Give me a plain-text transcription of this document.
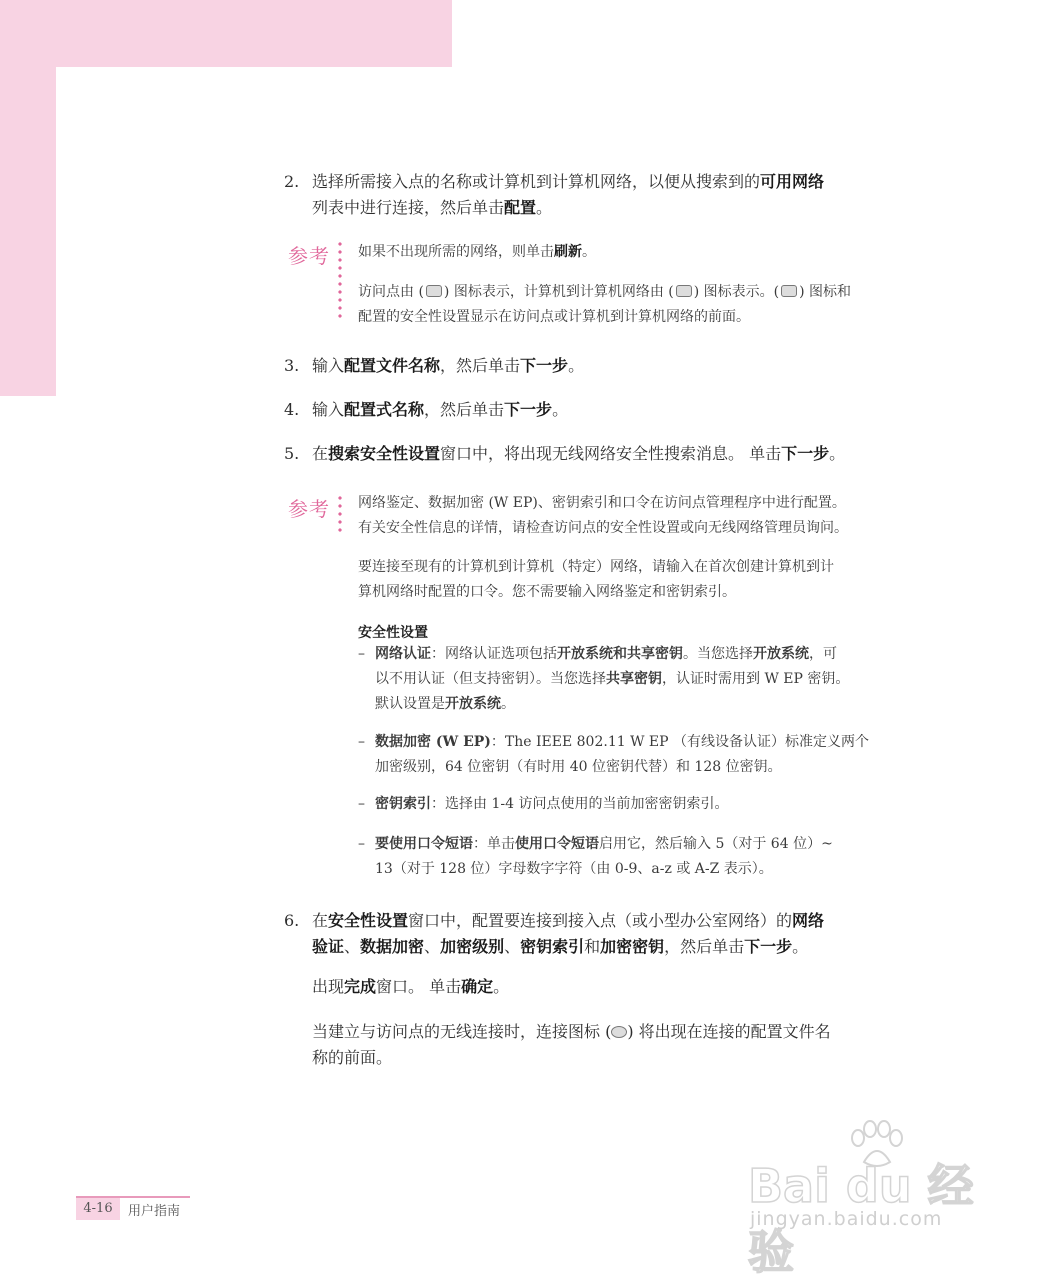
2. 选择所需接入点的名称或计算机到计算机网络，以便从搜索到的可用网络
列表中进行连接，然后单击配置。
参考 如果不出现所需的网络，则单击刷新。
访问点由 ( ) 图标表示，计算机到计算机网络由 ( ) 图标表示。( ) 图标和
配置的安全性设置显示在访问点或计算机到计算机网络的前面。
3. 输入配置文件名称，然后单击下一步。
4. 输入配置式名称，然后单击下一步。
5. 在搜索安全性设置窗口中，将出现无线网络安全性搜索消息。 单击下一步。
参考 网络鉴定、数据加密 (W EP)、密钥索引和口令在访问点管理程序中进行配置。
有关安全性信息的详情，请检查访问点的安全性设置或向无线网络管理员询问。
要连接至现有的计算机到计算机（特定）网络，请输入在首次创建计算机到计
算机网络时配置的口令。您不需要输入网络鉴定和密钥索引。
安全性设置
– 网络认证：网络认证选项包括开放系统和共享密钥。当您选择开放系统，可
以不用认证（但支持密钥）。当您选择共享密钥，认证时需用到 W EP 密钥。
默认设置是开放系统。
– 数据加密 (W EP)：The IEEE 802.11 W EP （有线设备认证）标准定义两个
加密级别，64 位密钥（有时用 40 位密钥代替）和 128 位密钥。
– 密钥索引：选择由 1-4 访问点使用的当前加密密钥索引。
– 要使用口令短语：单击使用口令短语启用它，然后输入 5（对于 64 位）~
13（对于 128 位）字母数字字符（由 0-9、a-z 或 A-Z 表示）。
6. 在安全性设置窗口中，配置要连接到接入点（或小型办公室网络）的网络
验证、数据加密、加密级别、密钥索引和加密密钥，然后单击下一步。
出现完成窗口。 单击确定。
当建立与访问点的无线连接时，连接图标 ( ) 将出现在连接的配置文件名
称的前面。
4-16	用户指南	Bai du 经验
jingyan.baidu.com
